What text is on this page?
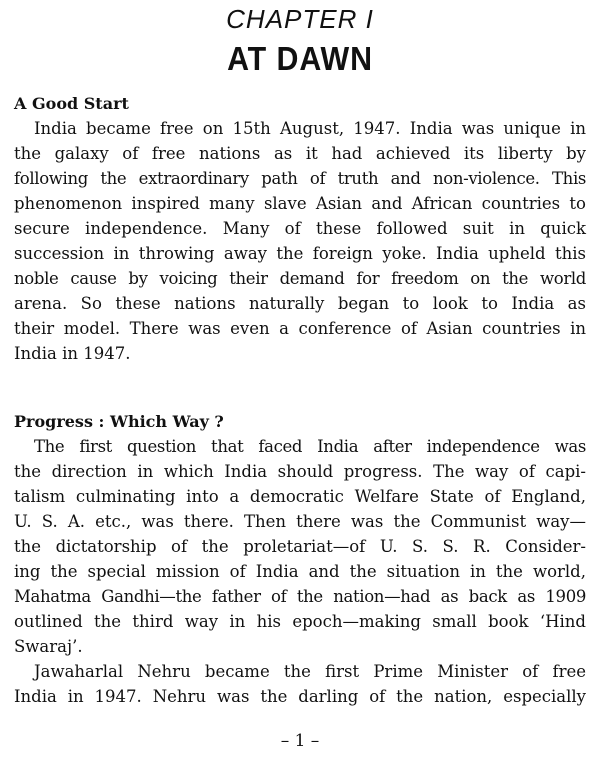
CHAPTER I
AT DAWN
A Good Start
India became free on 15th August, 1947. India was unique in
the galaxy of free nations as it had achieved its liberty by
following the extraordinary path of truth and non-violence. This
phenomenon inspired many slave Asian and African countries to
secure independence. Many of these followed suit in quick
succession in throwing away the foreign yoke. India upheld this
noble cause by voicing their demand for freedom on the world
arena. So these nations naturally began to look to India as
their model. There was even a conference of Asian countries in
India in 1947.
Progress : Which Way ?
The first question that faced India after independence was
the direction in which India should progress. The way of capi-
talism culminating into a democratic Welfare State of England,
U. S. A. etc., was there. Then there was the Communist way—
the dictatorship of the proletariat—of U. S. S. R. Consider-
ing the special mission of India and the situation in the world,
Mahatma Gandhi—the father of the nation—had as back as 1909
outlined the third way in his epoch—making small book ‘Hind
Swaraj’.
Jawaharlal Nehru became the first Prime Minister of free
India in 1947. Nehru was the darling of the nation, especially
– 1 –
